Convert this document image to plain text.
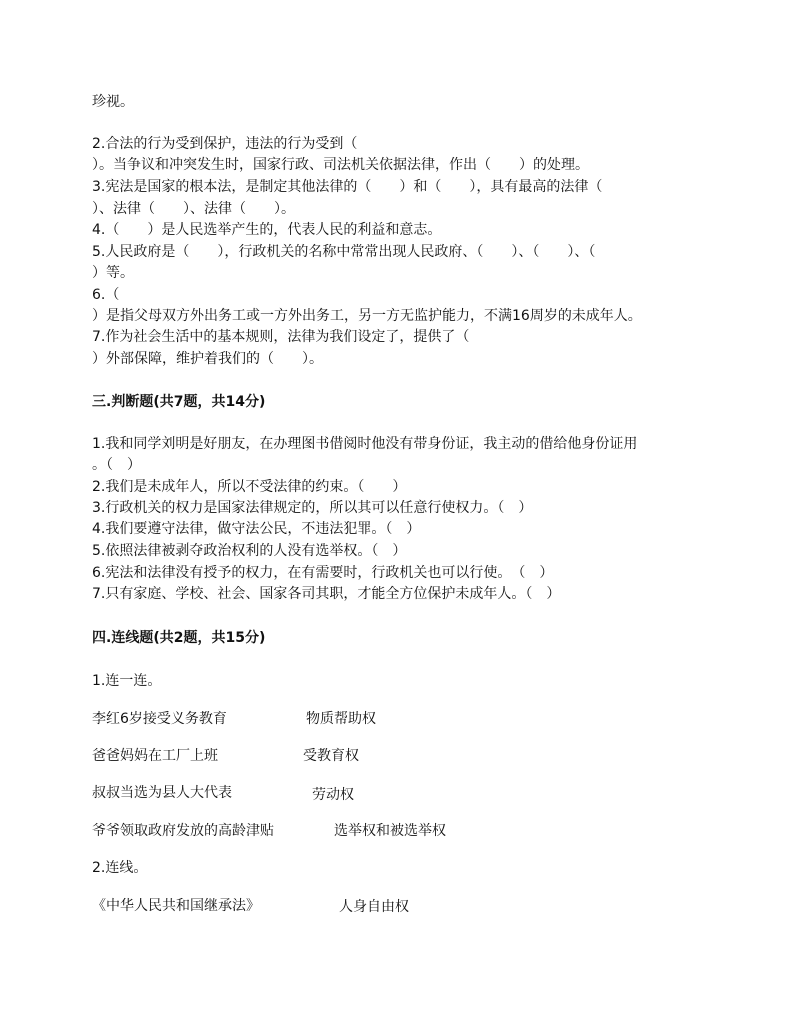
珍视。
2.合法的行为受到保护，违法的行为受到（
）。当争议和冲突发生时，国家行政、司法机关依据法律，作出（　　）的处理。
3.宪法是国家的根本法，是制定其他法律的（　　）和（　　），具有最高的法律（
）、法律（　　）、法律（　　）。
4.（　　）是人民选举产生的，代表人民的利益和意志。
5.人民政府是（　　），行政机关的名称中常常出现人民政府、（　　）、（　　）、（
）等。
6.（
）是指父母双方外出务工或一方外出务工，另一方无监护能力，不满16周岁的未成年人。
7.作为社会生活中的基本规则，法律为我们设定了，提供了（
）外部保障，维护着我们的（　　）。
三.判断题(共7题，共14分)
1.我和同学刘明是好朋友，在办理图书借阅时他没有带身份证，我主动的借给他身份证用
。（　）
2.我们是未成年人，所以不受法律的约束。（　　）
3.行政机关的权力是国家法律规定的，所以其可以任意行使权力。（　）
4.我们要遵守法律，做守法公民，不违法犯罪。（　）
5.依照法律被剥夺政治权利的人没有选举权。（　）
6.宪法和法律没有授予的权力，在有需要时，行政机关也可以行使。　（　）
7.只有家庭、学校、社会、国家各司其职，才能全方位保护未成年人。（　）
四.连线题(共2题，共15分)
1.连一连。
李红6岁接受义务教育	物质帮助权
爸爸妈妈在工厂上班	受教育权
叔叔当选为县人大代表	劳动权
爷爷领取政府发放的高龄津贴	选举权和被选举权
2.连线。
《中华人民共和国继承法》	人身自由权
